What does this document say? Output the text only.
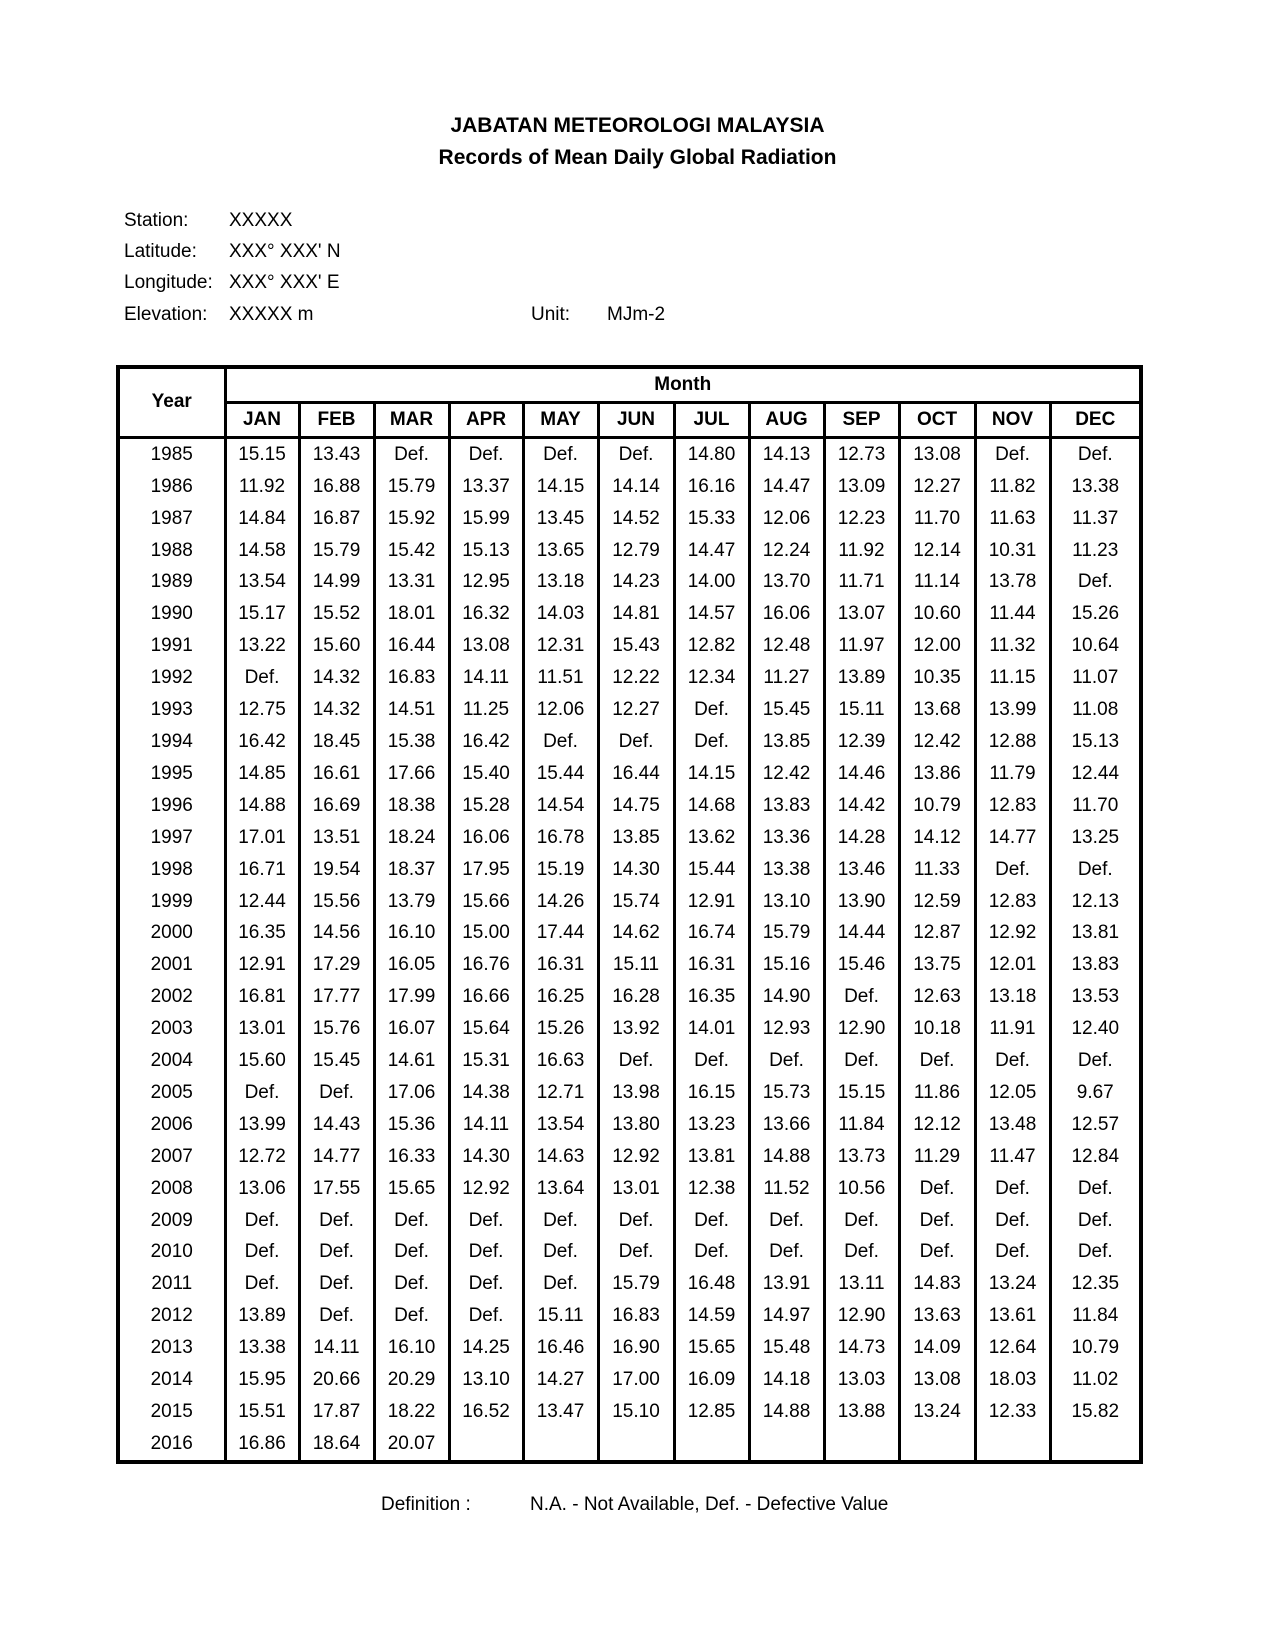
JABATAN METEOROLOGI MALAYSIA
Records of Mean Daily Global Radiation
Station: XXXXX
Latitude: XXX° XXX' N
Longitude: XXX° XXX' E
Elevation: XXXXX m	Unit: MJm-2
Year	Month											
	JAN	FEB	MAR	APR	MAY	JUN	JUL	AUG	SEP	OCT	NOV	DEC
1985	15.15	13.43	Def.	Def.	Def.	Def.	14.80	14.13	12.73	13.08	Def.	Def.
1986	11.92	16.88	15.79	13.37	14.15	14.14	16.16	14.47	13.09	12.27	11.82	13.38
1987	14.84	16.87	15.92	15.99	13.45	14.52	15.33	12.06	12.23	11.70	11.63	11.37
1988	14.58	15.79	15.42	15.13	13.65	12.79	14.47	12.24	11.92	12.14	10.31	11.23
1989	13.54	14.99	13.31	12.95	13.18	14.23	14.00	13.70	11.71	11.14	13.78	Def.
1990	15.17	15.52	18.01	16.32	14.03	14.81	14.57	16.06	13.07	10.60	11.44	15.26
1991	13.22	15.60	16.44	13.08	12.31	15.43	12.82	12.48	11.97	12.00	11.32	10.64
1992	Def.	14.32	16.83	14.11	11.51	12.22	12.34	11.27	13.89	10.35	11.15	11.07
1993	12.75	14.32	14.51	11.25	12.06	12.27	Def.	15.45	15.11	13.68	13.99	11.08
1994	16.42	18.45	15.38	16.42	Def.	Def.	Def.	13.85	12.39	12.42	12.88	15.13
1995	14.85	16.61	17.66	15.40	15.44	16.44	14.15	12.42	14.46	13.86	11.79	12.44
1996	14.88	16.69	18.38	15.28	14.54	14.75	14.68	13.83	14.42	10.79	12.83	11.70
1997	17.01	13.51	18.24	16.06	16.78	13.85	13.62	13.36	14.28	14.12	14.77	13.25
1998	16.71	19.54	18.37	17.95	15.19	14.30	15.44	13.38	13.46	11.33	Def.	Def.
1999	12.44	15.56	13.79	15.66	14.26	15.74	12.91	13.10	13.90	12.59	12.83	12.13
2000	16.35	14.56	16.10	15.00	17.44	14.62	16.74	15.79	14.44	12.87	12.92	13.81
2001	12.91	17.29	16.05	16.76	16.31	15.11	16.31	15.16	15.46	13.75	12.01	13.83
2002	16.81	17.77	17.99	16.66	16.25	16.28	16.35	14.90	Def.	12.63	13.18	13.53
2003	13.01	15.76	16.07	15.64	15.26	13.92	14.01	12.93	12.90	10.18	11.91	12.40
2004	15.60	15.45	14.61	15.31	16.63	Def.	Def.	Def.	Def.	Def.	Def.	Def.
2005	Def.	Def.	17.06	14.38	12.71	13.98	16.15	15.73	15.15	11.86	12.05	9.67
2006	13.99	14.43	15.36	14.11	13.54	13.80	13.23	13.66	11.84	12.12	13.48	12.57
2007	12.72	14.77	16.33	14.30	14.63	12.92	13.81	14.88	13.73	11.29	11.47	12.84
2008	13.06	17.55	15.65	12.92	13.64	13.01	12.38	11.52	10.56	Def.	Def.	Def.
2009	Def.	Def.	Def.	Def.	Def.	Def.	Def.	Def.	Def.	Def.	Def.	Def.
2010	Def.	Def.	Def.	Def.	Def.	Def.	Def.	Def.	Def.	Def.	Def.	Def.
2011	Def.	Def.	Def.	Def.	Def.	15.79	16.48	13.91	13.11	14.83	13.24	12.35
2012	13.89	Def.	Def.	Def.	15.11	16.83	14.59	14.97	12.90	13.63	13.61	11.84
2013	13.38	14.11	16.10	14.25	16.46	16.90	15.65	15.48	14.73	14.09	12.64	10.79
2014	15.95	20.66	20.29	13.10	14.27	17.00	16.09	14.18	13.03	13.08	18.03	11.02
2015	15.51	17.87	18.22	16.52	13.47	15.10	12.85	14.88	13.88	13.24	12.33	15.82
2016	16.86	18.64	20.07									
Definition :	N.A. - Not Available, Def. - Defective Value
